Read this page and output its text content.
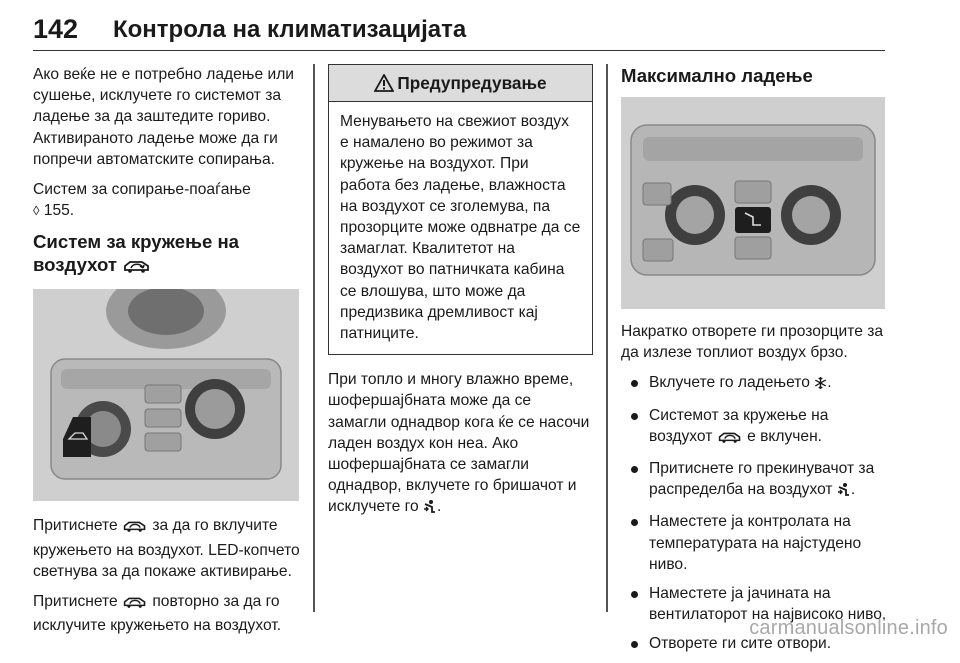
142 Контрола на климатизацијата

Ако веќе не е потребно ладење или сушење, исклучете го системот за ладење за да заштедите гориво. Активираното ладење може да ги попречи автоматските сопирања.

Систем за сопирање-поаѓање
◊ 155.

Систем за кружење на воздухот

Притиснете за да го вклучите кружењето на воздухот. LED-копчето светнува за да покаже активирање.

Притиснете повторно за да го исклучите кружењето на воздухот.

Предупредување
Менувањето на свежиот воздух е намалено во режимот за кружење на воздухот. При работа без ладење, влажноста на воздухот се зголемува, па прозорците може одвнатре да се замаглат. Квалитетот на воздухот во патничката кабина се влошува, што може да предизвика дремливост кај патниците.

При топло и многу влажно време, шофершајбната може да се замагли однадвор кога ќе се насочи ладен воздух кон неа. Ако шофершајбната се замагли однадвор, вклучете го бришачот и исклучете го .

Максимално ладење

Накратко отворете ги прозорците за да излезе топлиот воздух брзо.

Вклучете го ладењето .
Системот за кружење на воздухот е вклучен.
Притиснете го прекинувачот за распределба на воздухот .
Наместете ја контролата на температурата на најстудено ниво.
Наместете ја јачината на вентилаторот на највисоко ниво.
Отворете ги сите отвори.
carmanualsonline.info
